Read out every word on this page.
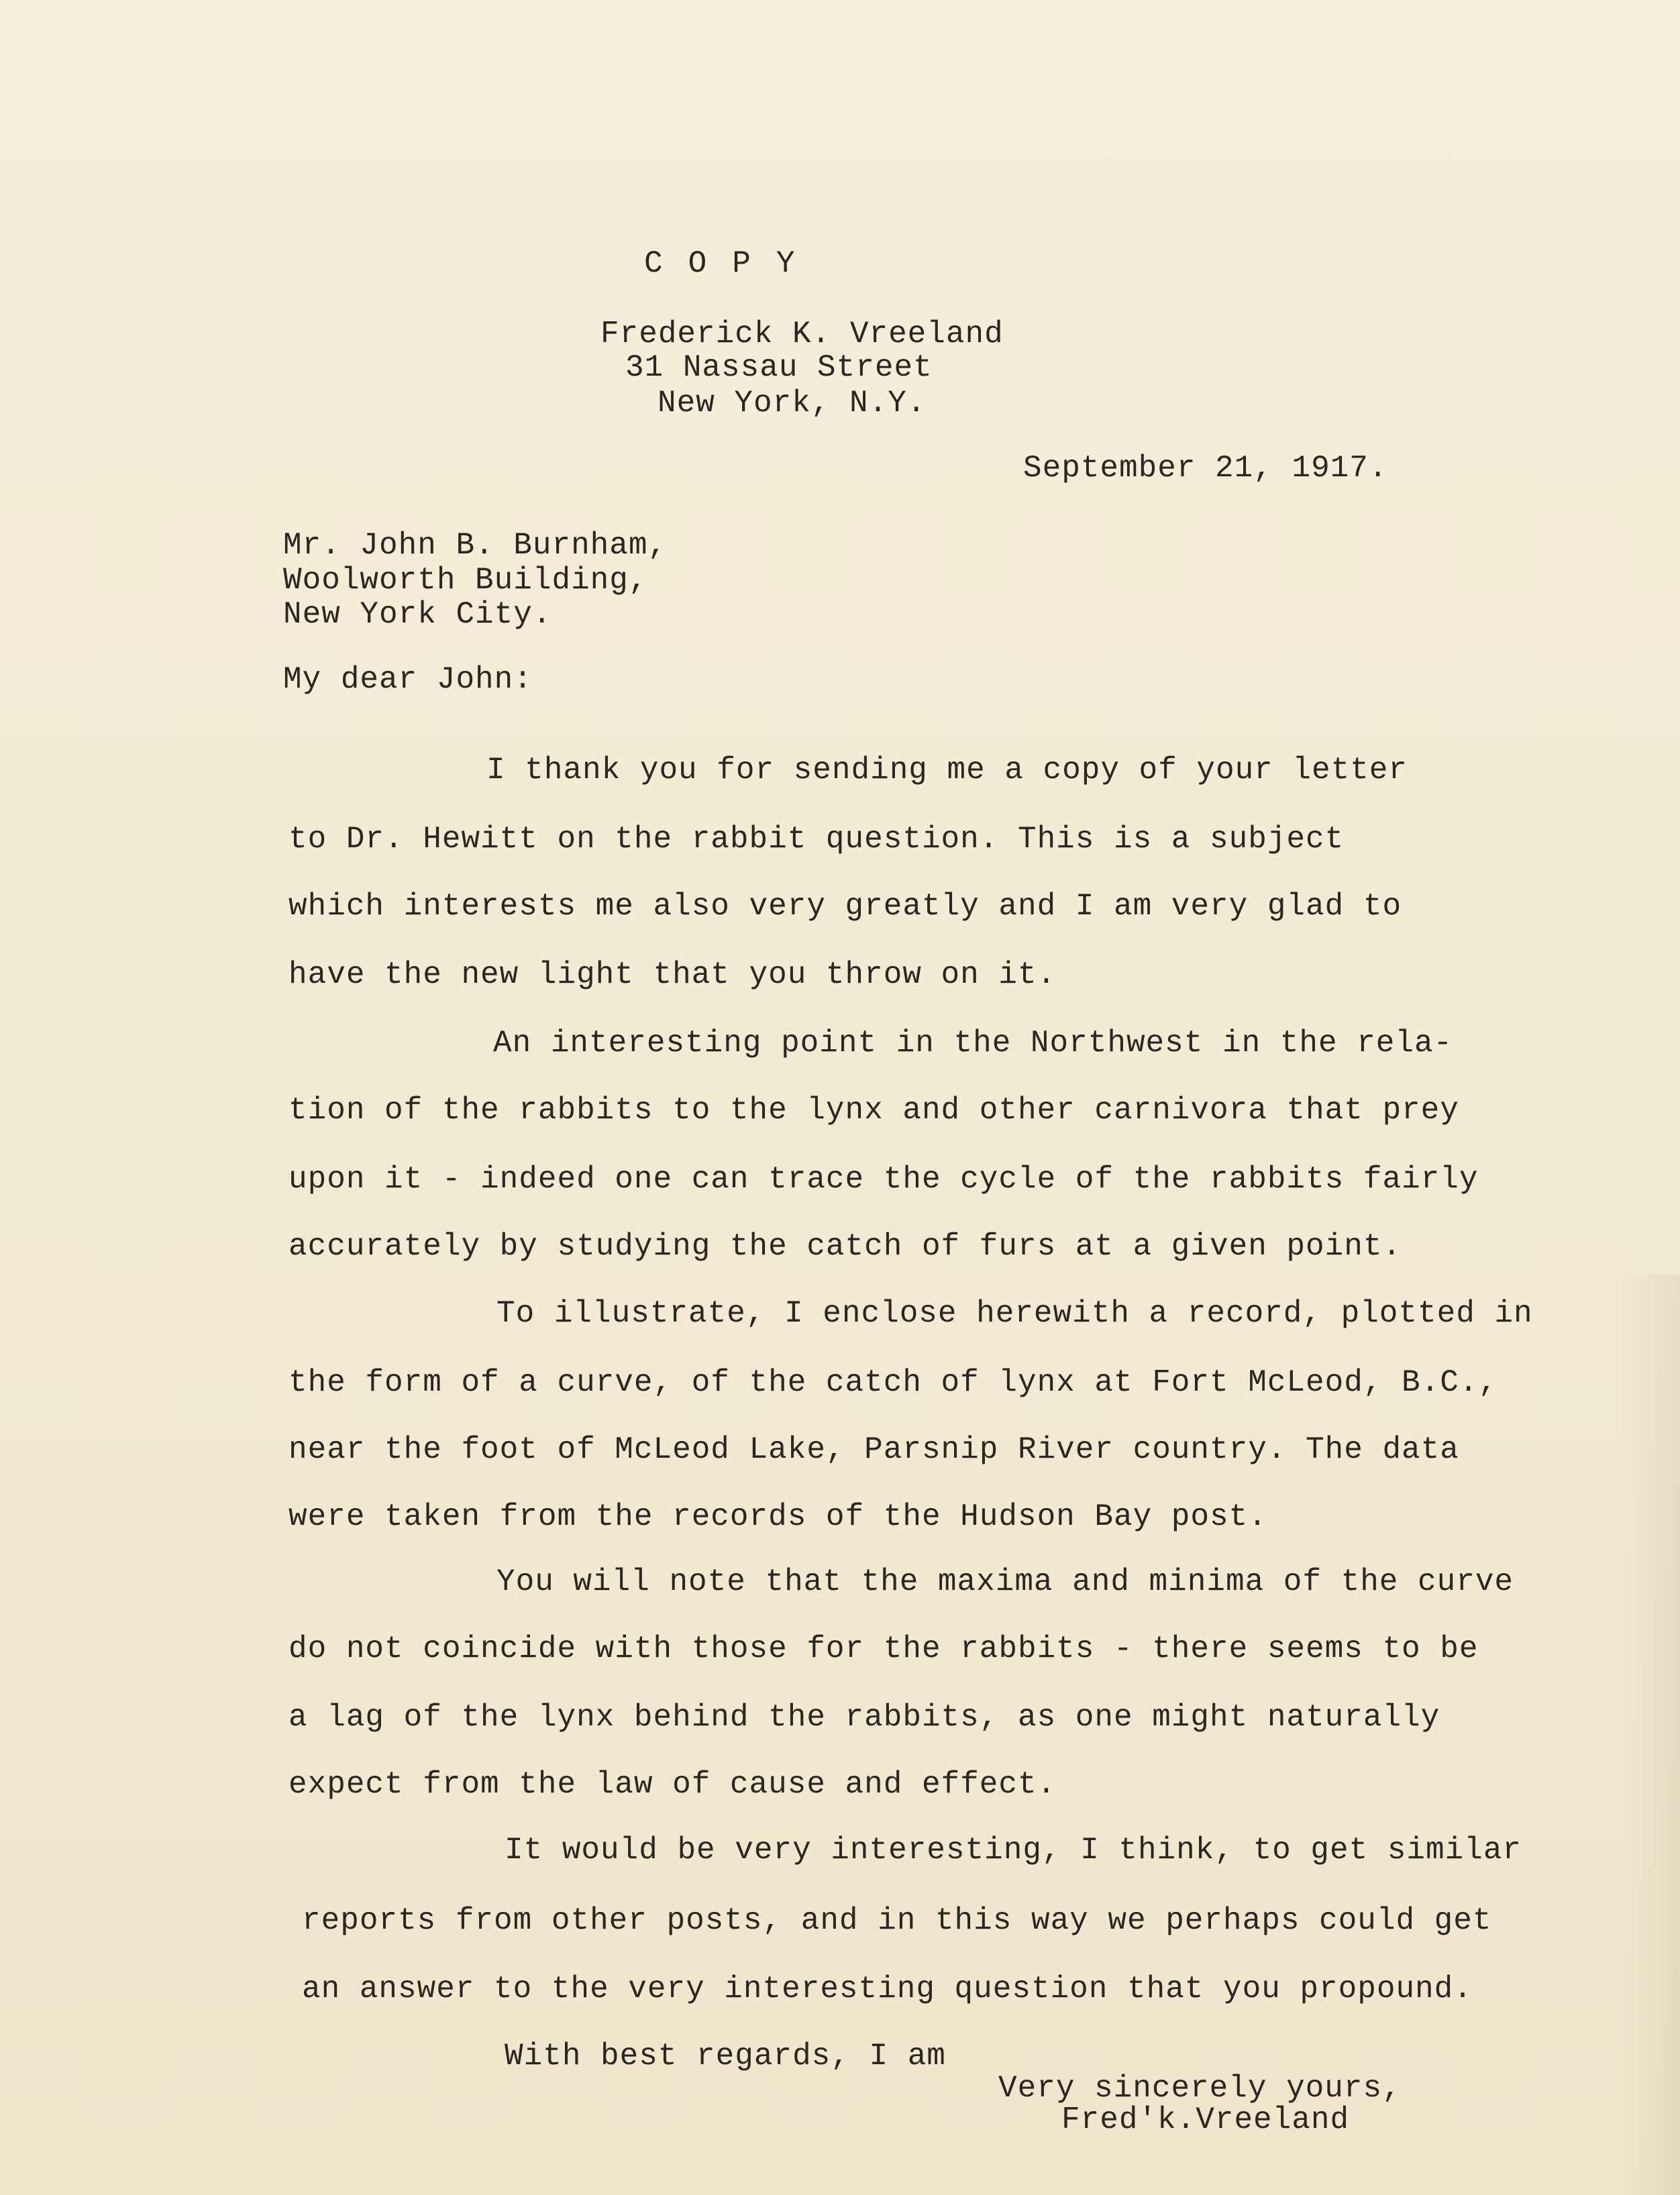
COPY
Frederick K. Vreeland
31 Nassau Street
New York, N.Y.
September 21, 1917.
Mr. John B. Burnham,
Woolworth Building,
New York City.
My dear John:
I thank you for sending me a copy of your letter
to Dr. Hewitt on the rabbit question. This is a subject
which interests me also very greatly and I am very glad to
have the new light that you throw on it.
An interesting point in the Northwest in the rela-
tion of the rabbits to the lynx and other carnivora that prey
upon it - indeed one can trace the cycle of the rabbits fairly
accurately by studying the catch of furs at a given point.
To illustrate, I enclose herewith a record, plotted in
the form of a curve, of the catch of lynx at Fort McLeod, B.C.,
near the foot of McLeod Lake, Parsnip River country. The data
were taken from the records of the Hudson Bay post.
You will note that the maxima and minima of the curve
do not coincide with those for the rabbits - there seems to be
a lag of the lynx behind the rabbits, as one might naturally
expect from the law of cause and effect.
It would be very interesting, I think, to get similar
reports from other posts, and in this way we perhaps could get
an answer to the very interesting question that you propound.
With best regards, I am
Very sincerely yours,
Fred'k.Vreeland
